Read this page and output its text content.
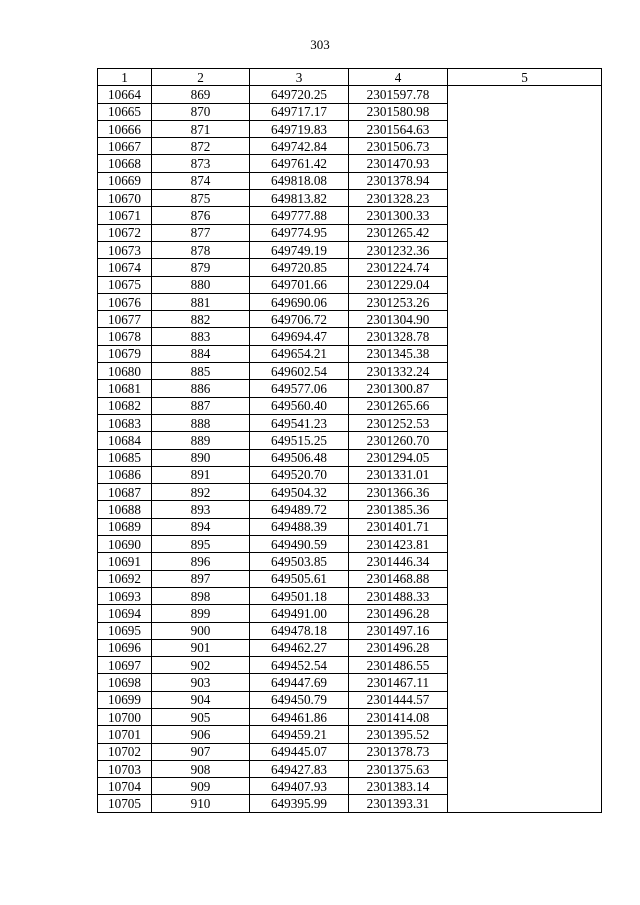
303
1	2	3	4	5
10664	869	649720.25	2301597.78	
10665	870	649717.17	2301580.98	
10666	871	649719.83	2301564.63	
10667	872	649742.84	2301506.73	
10668	873	649761.42	2301470.93	
10669	874	649818.08	2301378.94	
10670	875	649813.82	2301328.23	
10671	876	649777.88	2301300.33	
10672	877	649774.95	2301265.42	
10673	878	649749.19	2301232.36	
10674	879	649720.85	2301224.74	
10675	880	649701.66	2301229.04	
10676	881	649690.06	2301253.26	
10677	882	649706.72	2301304.90	
10678	883	649694.47	2301328.78	
10679	884	649654.21	2301345.38	
10680	885	649602.54	2301332.24	
10681	886	649577.06	2301300.87	
10682	887	649560.40	2301265.66	
10683	888	649541.23	2301252.53	
10684	889	649515.25	2301260.70	
10685	890	649506.48	2301294.05	
10686	891	649520.70	2301331.01	
10687	892	649504.32	2301366.36	
10688	893	649489.72	2301385.36	
10689	894	649488.39	2301401.71	
10690	895	649490.59	2301423.81	
10691	896	649503.85	2301446.34	
10692	897	649505.61	2301468.88	
10693	898	649501.18	2301488.33	
10694	899	649491.00	2301496.28	
10695	900	649478.18	2301497.16	
10696	901	649462.27	2301496.28	
10697	902	649452.54	2301486.55	
10698	903	649447.69	2301467.11	
10699	904	649450.79	2301444.57	
10700	905	649461.86	2301414.08	
10701	906	649459.21	2301395.52	
10702	907	649445.07	2301378.73	
10703	908	649427.83	2301375.63	
10704	909	649407.93	2301383.14	
10705	910	649395.99	2301393.31	
